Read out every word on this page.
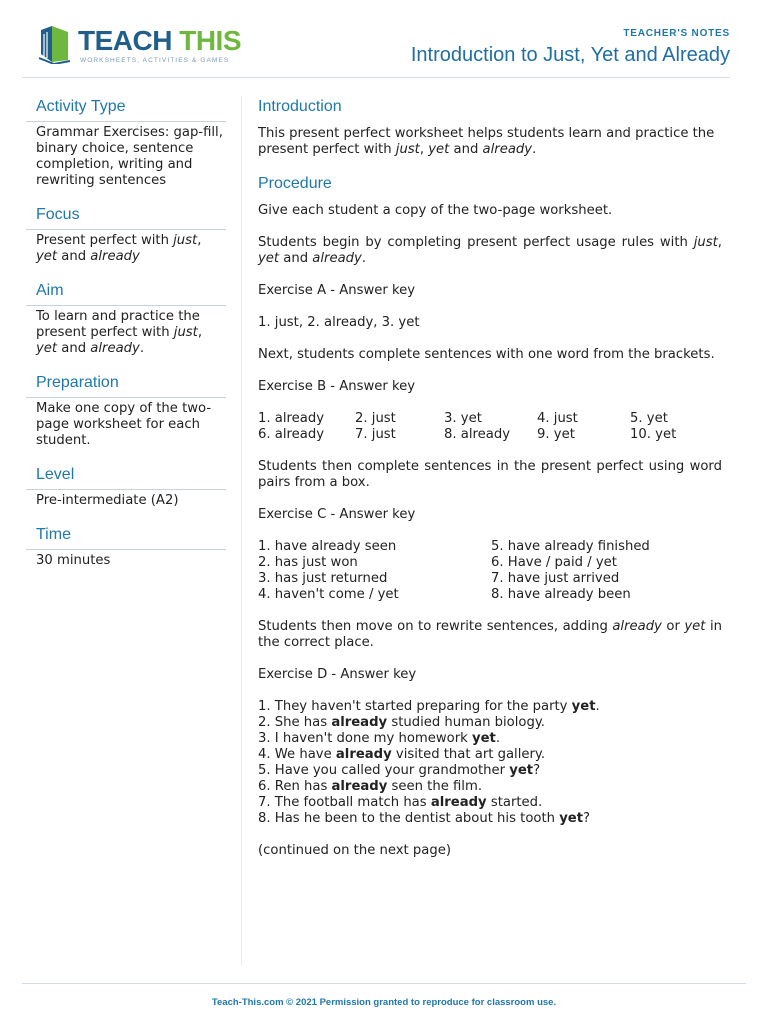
TEACH THIS
WORKSHEETS, ACTIVITIES & GAMES
TEACHER'S NOTES
Introduction to Just, Yet and Already
Activity Type
Grammar Exercises: gap-fill, binary choice, sentence completion, writing and rewriting sentences
Focus
Present perfect with just, yet and already
Aim
To learn and practice the present perfect with just, yet and already.
Preparation
Make one copy of the two-page worksheet for each student.
Level
Pre-intermediate (A2)
Time
30 minutes
Introduction
This present perfect worksheet helps students learn and practice the present perfect with just, yet and already.
Procedure
Give each student a copy of the two-page worksheet.
Students begin by completing present perfect usage rules with just, yet and already.
Exercise A - Answer key
1. just, 2. already, 3. yet
Next, students complete sentences with one word from the brackets.
Exercise B - Answer key
1. already	2. just	3. yet	4. just	5. yet
6. already	7. just	8. already	9. yet	10. yet
Students then complete sentences in the present perfect using word pairs from a box.
Exercise C - Answer key
1. have already seen	5. have already finished
2. has just won	6. Have / paid / yet
3. has just returned	7. have just arrived
4. haven't come / yet	8. have already been
Students then move on to rewrite sentences, adding already or yet in the correct place.
Exercise D - Answer key
1. They haven't started preparing for the party yet.
2. She has already studied human biology.
3. I haven't done my homework yet.
4. We have already visited that art gallery.
5. Have you called your grandmother yet?
6. Ren has already seen the film.
7. The football match has already started.
8. Has he been to the dentist about his tooth yet?
(continued on the next page)
Teach-This.com © 2021 Permission granted to reproduce for classroom use.
